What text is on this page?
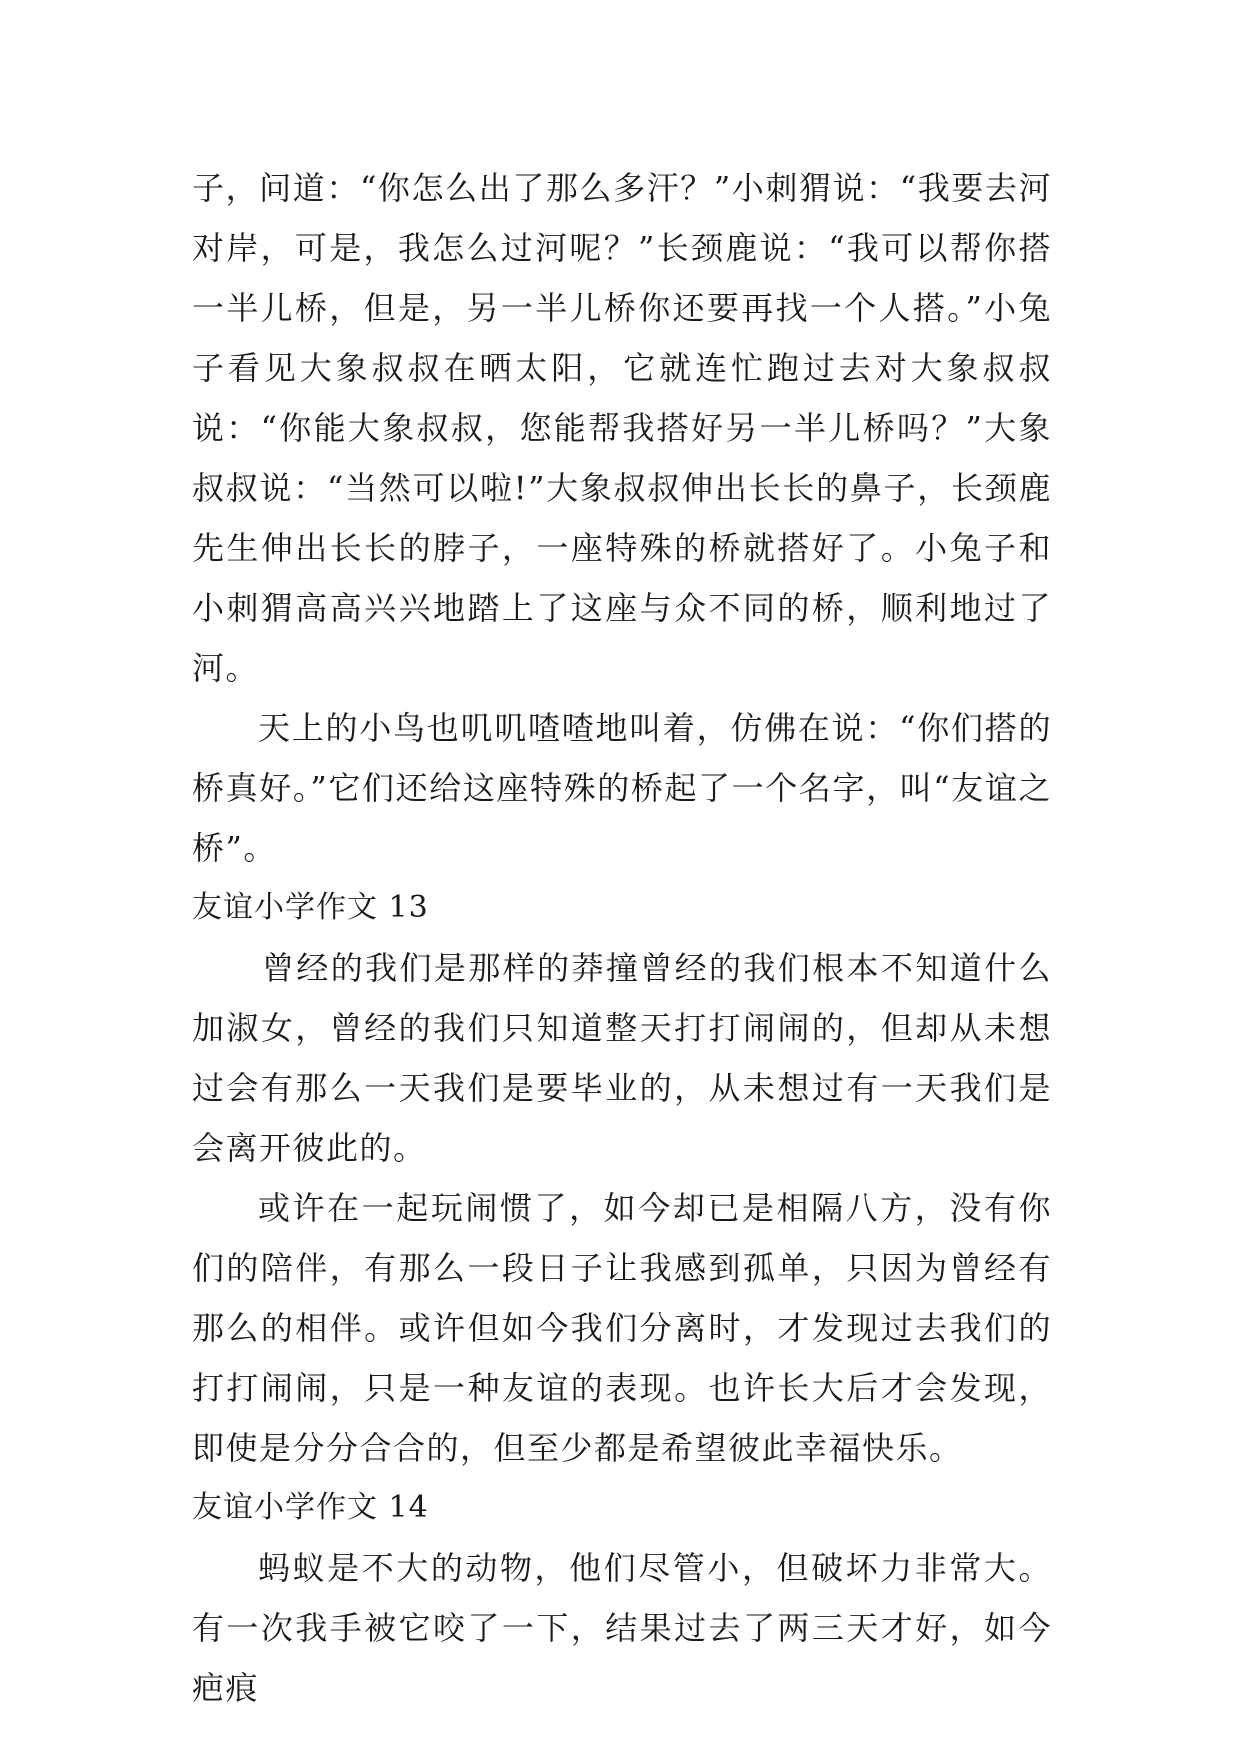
子，问道：“你怎么出了那么多汗？”小刺猬说：“我要去河对岸，可是，我怎么过河呢？”长颈鹿说：“我可以帮你搭一半儿桥，但是，另一半儿桥你还要再找一个人搭。”小兔子看见大象叔叔在晒太阳，它就连忙跑过去对大象叔叔说：“你能大象叔叔，您能帮我搭好另一半儿桥吗？”大象叔叔说：“当然可以啦!”大象叔叔伸出长长的鼻子，长颈鹿先生伸出长长的脖子，一座特殊的桥就搭好了。小兔子和小刺猬高高兴兴地踏上了这座与众不同的桥，顺利地过了河。

天上的小鸟也叽叽喳喳地叫着，仿佛在说：“你们搭的桥真好。”它们还给这座特殊的桥起了一个名字，叫“友谊之桥”。

友谊小学作文 13

曾经的我们是那样的莽撞曾经的我们根本不知道什么加淑女，曾经的我们只知道整天打打闹闹的，但却从未想过会有那么一天我们是要毕业的，从未想过有一天我们是会离开彼此的。

或许在一起玩闹惯了，如今却已是相隔八方，没有你们的陪伴，有那么一段日子让我感到孤单，只因为曾经有那么的相伴。或许但如今我们分离时，才发现过去我们的打打闹闹，只是一种友谊的表现。也许长大后才会发现，即使是分分合合的，但至少都是希望彼此幸福快乐。

友谊小学作文 14

蚂蚁是不大的动物，他们尽管小，但破坏力非常大。有一次我手被它咬了一下，结果过去了两三天才好，如今疤痕
